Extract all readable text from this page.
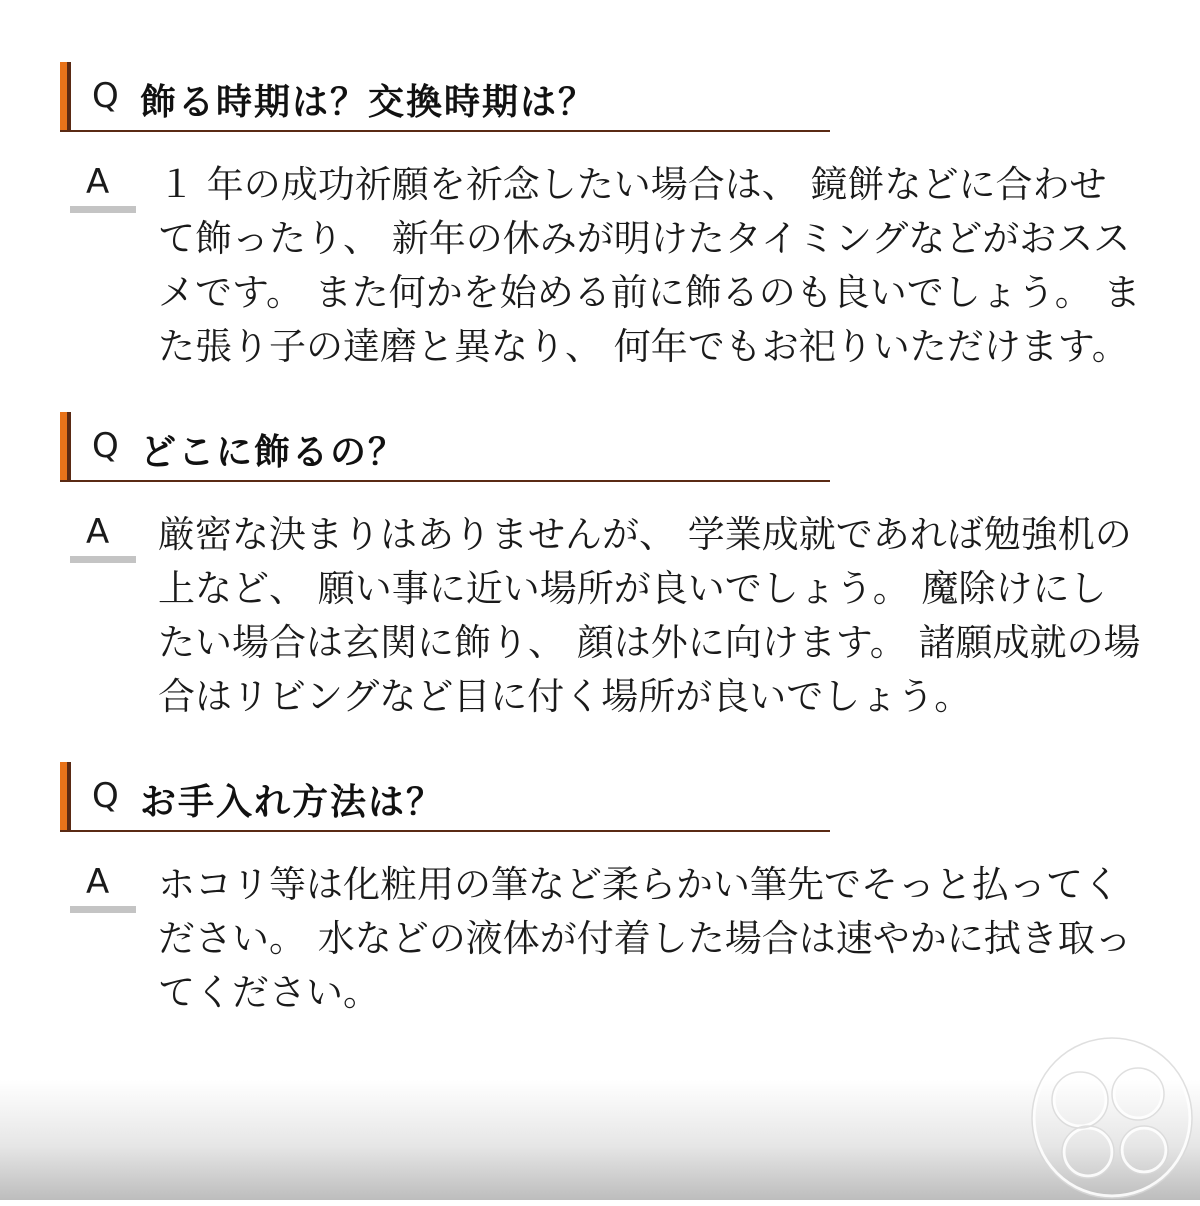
Q 飾る時期は？交換時期は？
A １ 年の成功祈願を祈念したい場合は、 鏡餅などに合わせて飾ったり、 新年の休みが明けたタイミングなどがおススメです。 また何かを始める前に飾るのも良いでしょう。 また張り子の達磨と異なり、 何年でもお祀りいただけます。
Q どこに飾るの？
A 厳密な決まりはありませんが、 学業成就であれば勉強机の上など、 願い事に近い場所が良いでしょう。 魔除けにしたい場合は玄関に飾り、 顔は外に向けます。 諸願成就の場合はリビングなど目に付く場所が良いでしょう。
Q お手入れ方法は？
A ホコリ等は化粧用の筆など柔らかい筆先でそっと払ってください。 水などの液体が付着した場合は速やかに拭き取ってください。
